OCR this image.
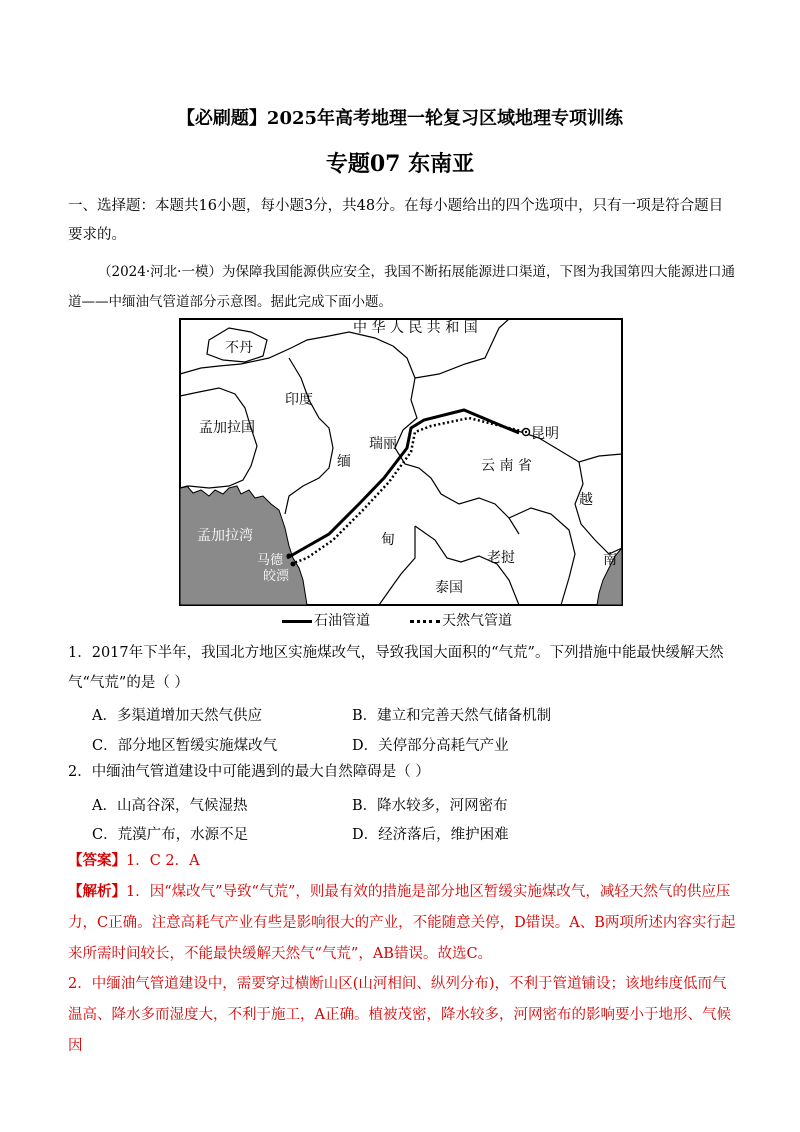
【必刷题】2025年高考地理一轮复习区域地理专项训练
专题07 东南亚
一、选择题：本题共16小题，每小题3分，共48分。在每小题给出的四个选项中，只有一项是符合题目要求的。
（2024·河北·一模）为保障我国能源供应安全，我国不断拓展能源进口渠道，下图为我国第四大能源进口通道——中缅油气管道部分示意图。据此完成下面小题。
中 华 人 民 共 和 国
不丹
印度
孟加拉国
缅
甸
瑞丽
昆明
云 南 省
越
南
孟加拉湾
马德
皎漂
老挝
泰国
石油管道	天然气管道
1．2017年下半年，我国北方地区实施煤改气，导致我国大面积的“气荒”。下列措施中能最快缓解天然气“气荒”的是（ ）
A．多渠道增加天然气供应	B．建立和完善天然气储备机制
C．部分地区暂缓实施煤改气	D．关停部分高耗气产业
2．中缅油气管道建设中可能遇到的最大自然障碍是（ ）
A．山高谷深，气候湿热	B．降水较多，河网密布
C．荒漠广布，水源不足	D．经济落后，维护困难
【答案】1．C 2．A
【解析】1．因“煤改气”导致“气荒”，则最有效的措施是部分地区暂缓实施煤改气，减轻天然气的供应压力，C正确。注意高耗气产业有些是影响很大的产业，不能随意关停，D错误。A、B两项所述内容实行起来所需时间较长，不能最快缓解天然气“气荒”，AB错误。故选C。
2．中缅油气管道建设中，需要穿过横断山区(山河相间、纵列分布)，不利于管道铺设；该地纬度低而气温高、降水多而湿度大，不利于施工，A正确。植被茂密，降水较多，河网密布的影响要小于地形、气候因
